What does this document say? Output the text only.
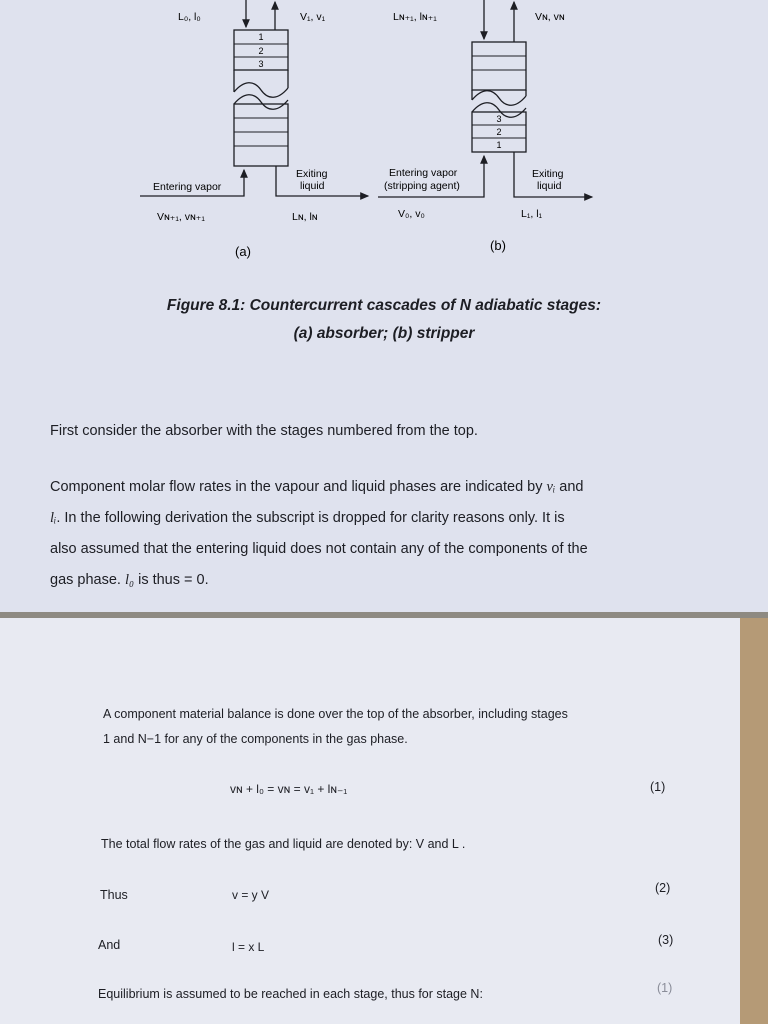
L₀, l₀	V₁, v₁
1
2
3
Entering vapor
Exiting
liquid
Vɴ₊₁, vɴ₊₁	Lɴ, lɴ
(a)
Lɴ₊₁, lɴ₊₁	Vɴ, vɴ
3
2
1
Entering vapor
(stripping agent)
Exiting
liquid
V₀, v₀	L₁, l₁
(b)
Figure 8.1: Countercurrent cascades of N adiabatic stages:
(a) absorber; (b) stripper
First consider the absorber with the stages numbered from the top.
Component molar flow rates in the vapour and liquid phases are indicated by vᵢ and
lᵢ. In the following derivation the subscript is dropped for clarity reasons only. It is
also assumed that the entering liquid does not contain any of the components of the
gas phase. l₀ is thus = 0.
A component material balance is done over the top of the absorber, including stages
1 and N−1 for any of the components in the gas phase.
vɴ + l₀ = vɴ = v₁ + lɴ₋₁	(1)
The total flow rates of the gas and liquid are denoted by: V and L .
Thus	v = y V	(2)
And	l = x L	(3)
Equilibrium is assumed to be reached in each stage, thus for stage N:	(1)
